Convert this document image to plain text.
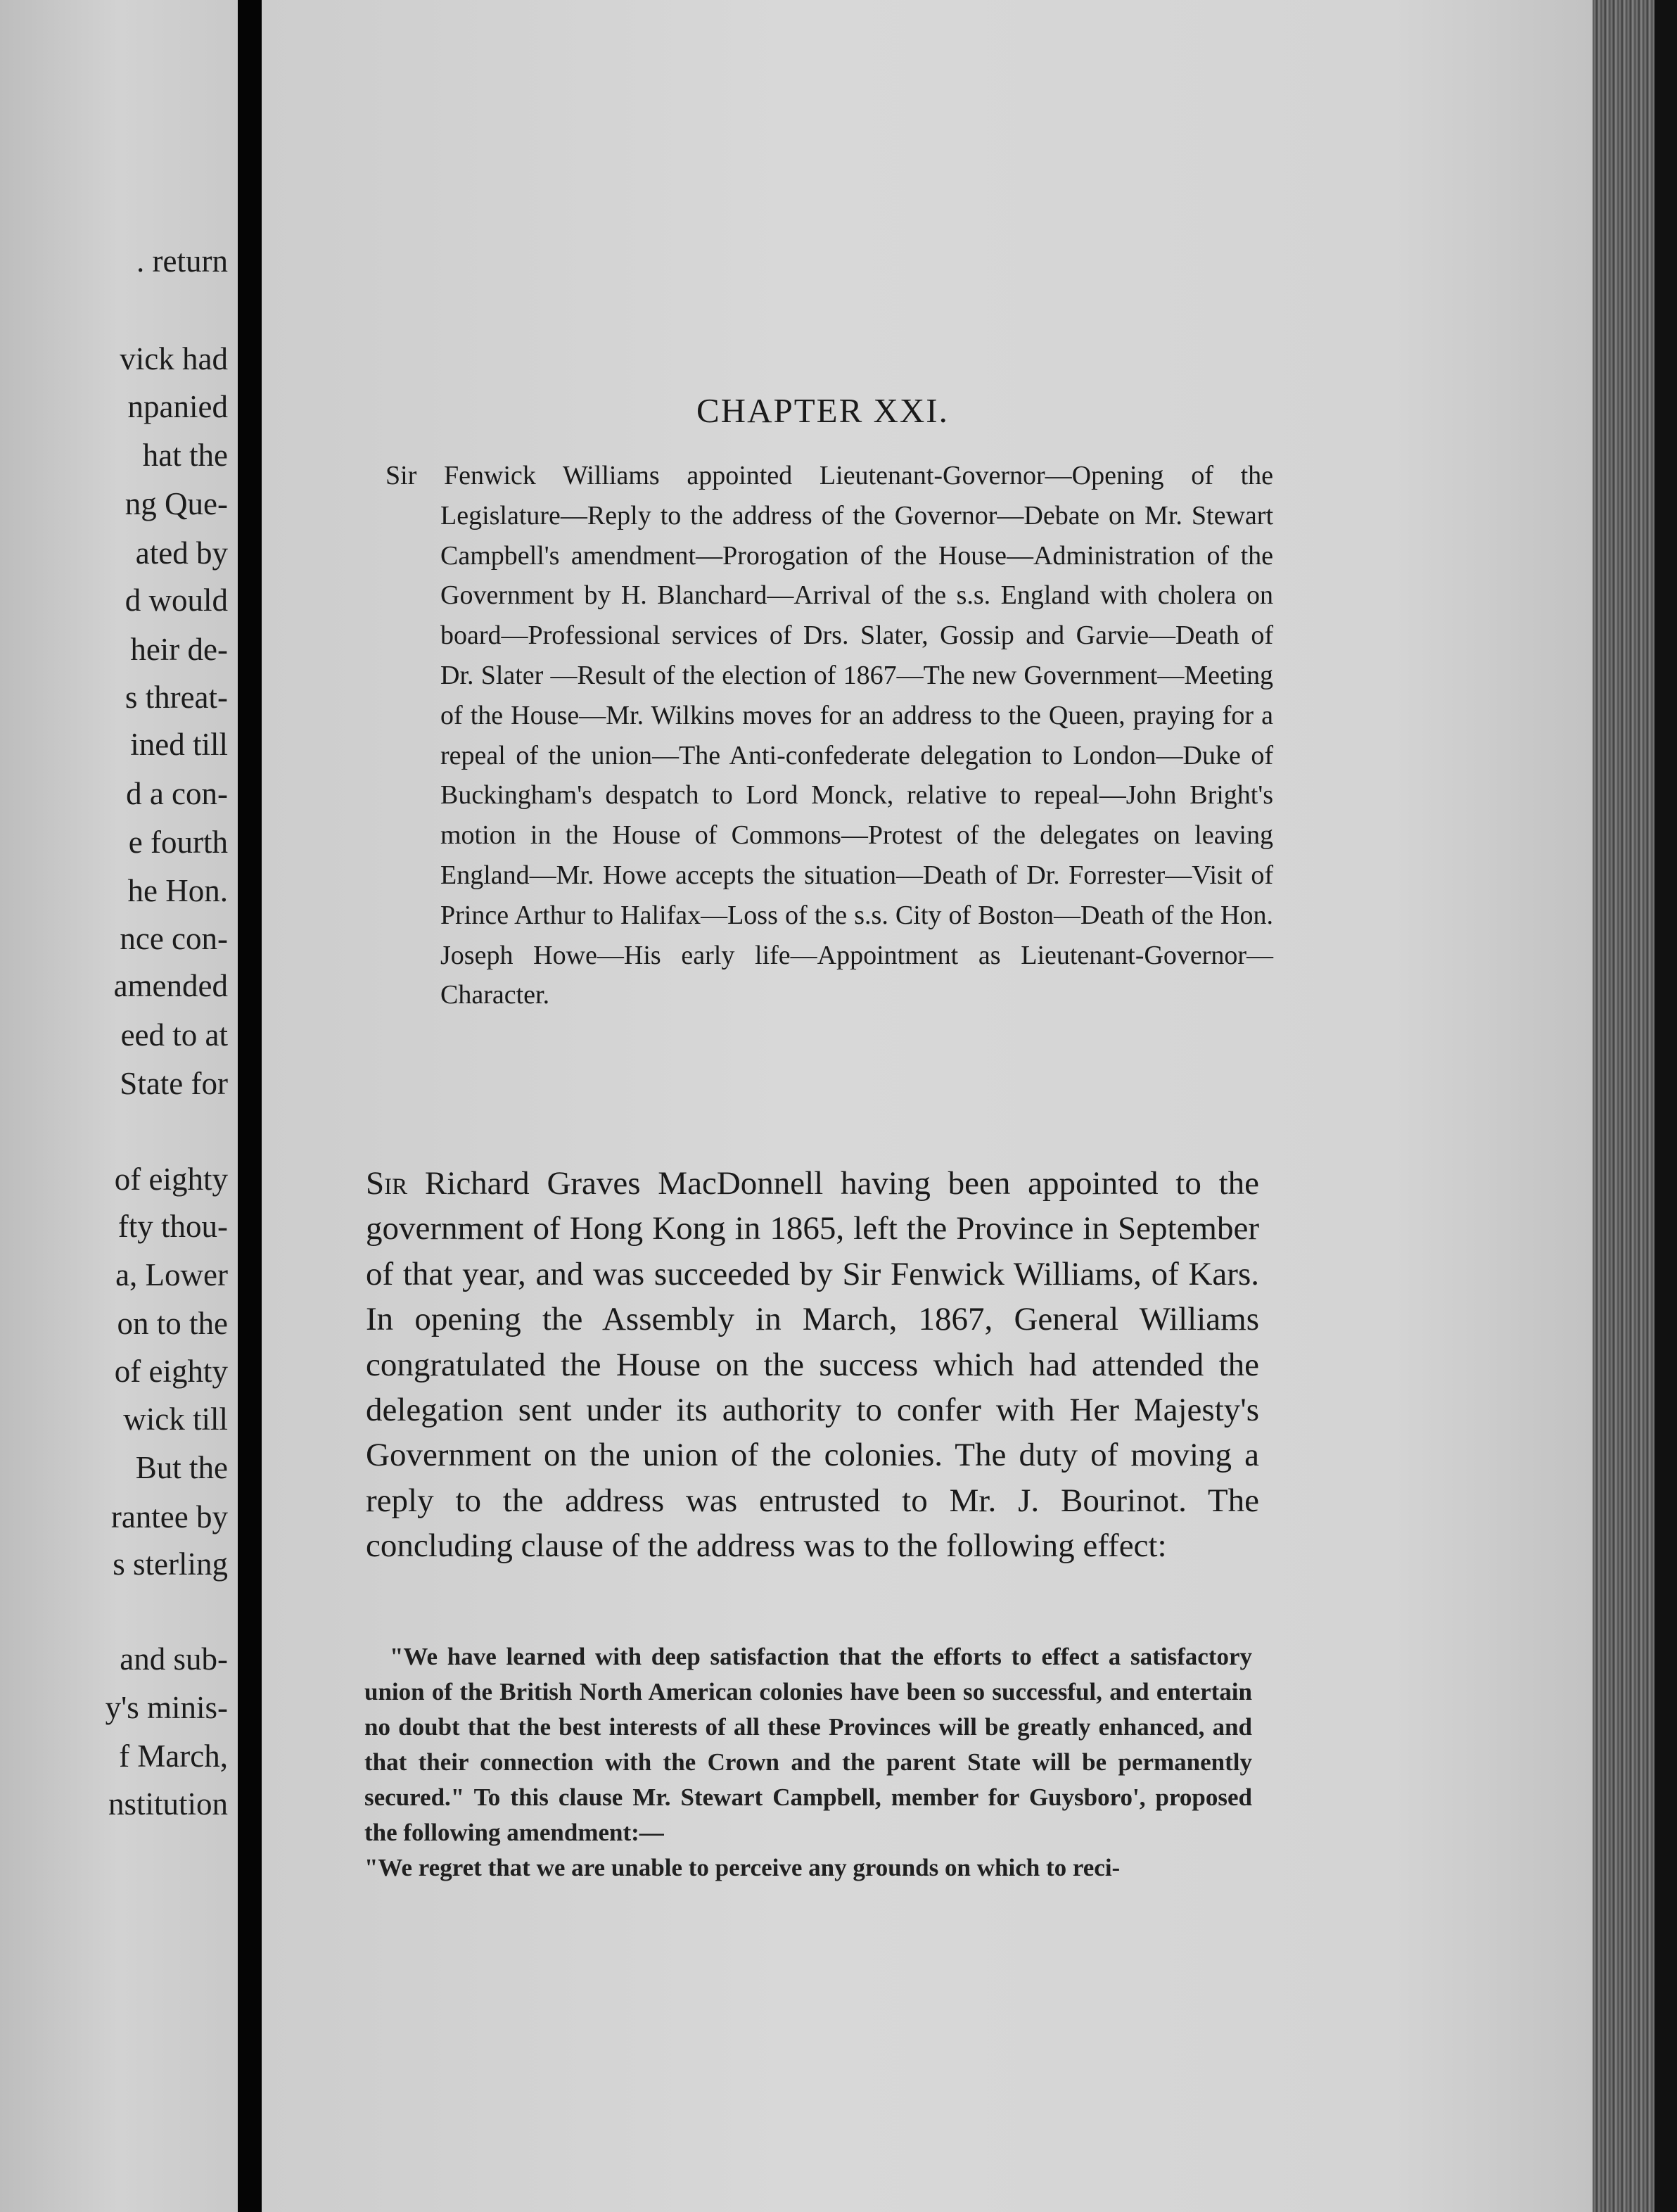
. return
vick had
npanied
hat the
ng Que-
ated by
d would
heir de-
s threat-
ined till
d a con-
e fourth
he Hon.
nce con-
amended
eed to at
State for
of eighty
fty thou-
a, Lower
on to the
of eighty
wick till
But the
rantee by
s sterling
and sub-
y's minis-
f March,
nstitution
CHAPTER XXI.
Sir Fenwick Williams appointed Lieutenant-Governor—Opening of the Legislature—Reply to the address of the Governor—Debate on Mr. Stewart Campbell's amendment—Prorogation of the House—Administration of the Government by H. Blanchard—Arrival of the s.s. England with cholera on board—Professional services of Drs. Slater, Gossip and Garvie—Death of Dr. Slater —Result of the election of 1867—The new Government—Meeting of the House—Mr. Wilkins moves for an address to the Queen, praying for a repeal of the union—The Anti-confederate delegation to London—Duke of Buckingham's despatch to Lord Monck, relative to repeal—John Bright's motion in the House of Commons—Protest of the delegates on leaving England—Mr. Howe accepts the situation—Death of Dr. Forrester—Visit of Prince Arthur to Halifax—Loss of the s.s. City of Boston—Death of the Hon. Joseph Howe—His early life—Appointment as Lieutenant-Governor—Character.
Sir Richard Graves MacDonnell having been appointed to the government of Hong Kong in 1865, left the Province in September of that year, and was succeeded by Sir Fenwick Williams, of Kars. In opening the Assembly in March, 1867, General Williams congratulated the House on the success which had attended the delegation sent under its authority to confer with Her Majesty's Government on the union of the colonies. The duty of moving a reply to the address was entrusted to Mr. J. Bourinot. The concluding clause of the address was to the following effect:

"We have learned with deep satisfaction that the efforts to effect a satisfactory union of the British North American colonies have been so successful, and entertain no doubt that the best interests of all these Provinces will be greatly enhanced, and that their connection with the Crown and the parent State will be permanently secured." To this clause Mr. Stewart Campbell, member for Guysboro', proposed the following amendment:—

"We regret that we are unable to perceive any grounds on which to reci-
